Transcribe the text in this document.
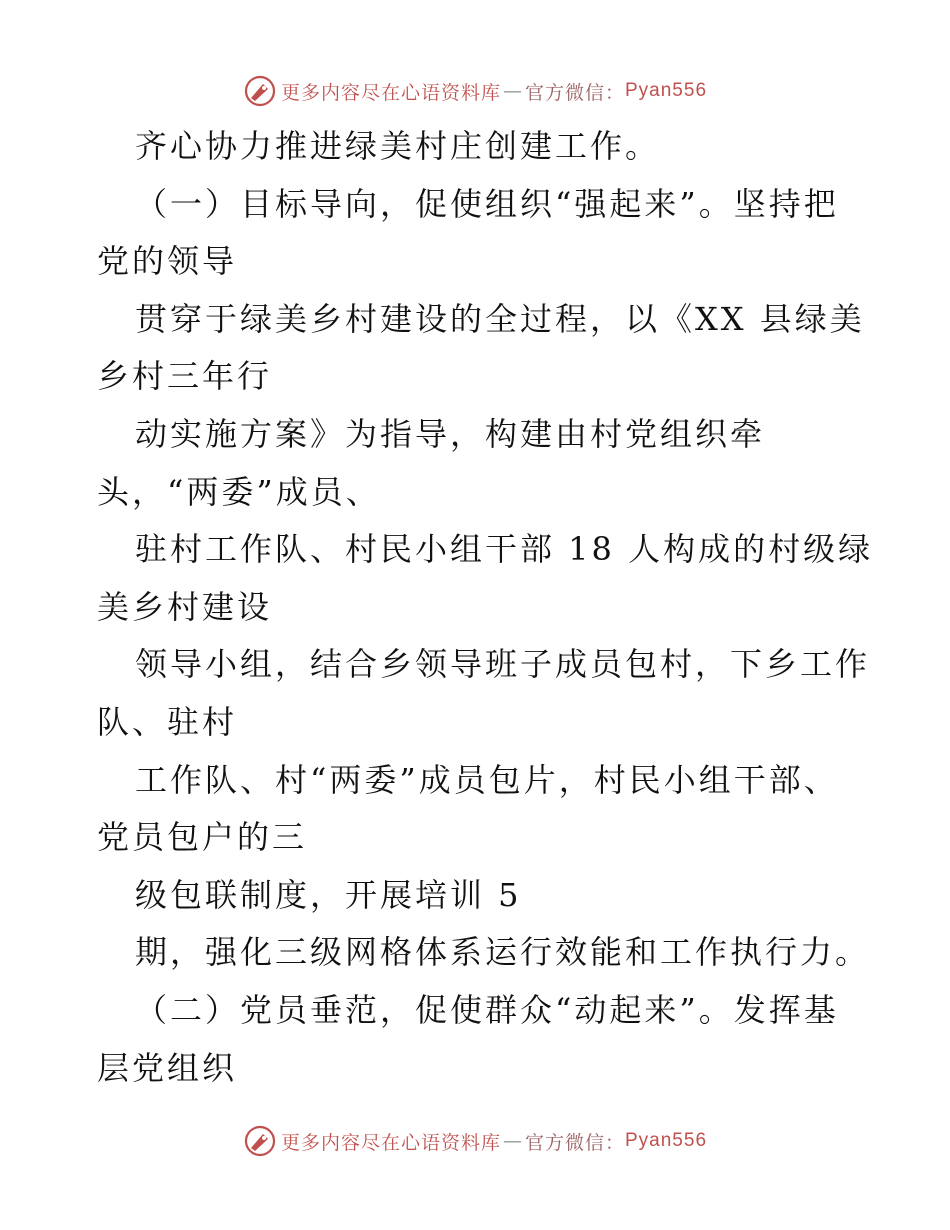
更多内容尽在心语资料库 — 官方微信： Pyan556
齐心协力推进绿美村庄创建工作。
（一）目标导向，促使组织“强起来”。坚持把
党的领导
贯穿于绿美乡村建设的全过程，以《XX 县绿美
乡村三年行
动实施方案》为指导，构建由村党组织牵
头，“两委”成员、
驻村工作队、村民小组干部 18 人构成的村级绿
美乡村建设
领导小组，结合乡领导班子成员包村，下乡工作
队、驻村
工作队、村“两委”成员包片，村民小组干部、
党员包户的三
级包联制度，开展培训 5
期，强化三级网格体系运行效能和工作执行力。
（二）党员垂范，促使群众“动起来”。发挥基
层党组织
更多内容尽在心语资料库 — 官方微信： Pyan556
